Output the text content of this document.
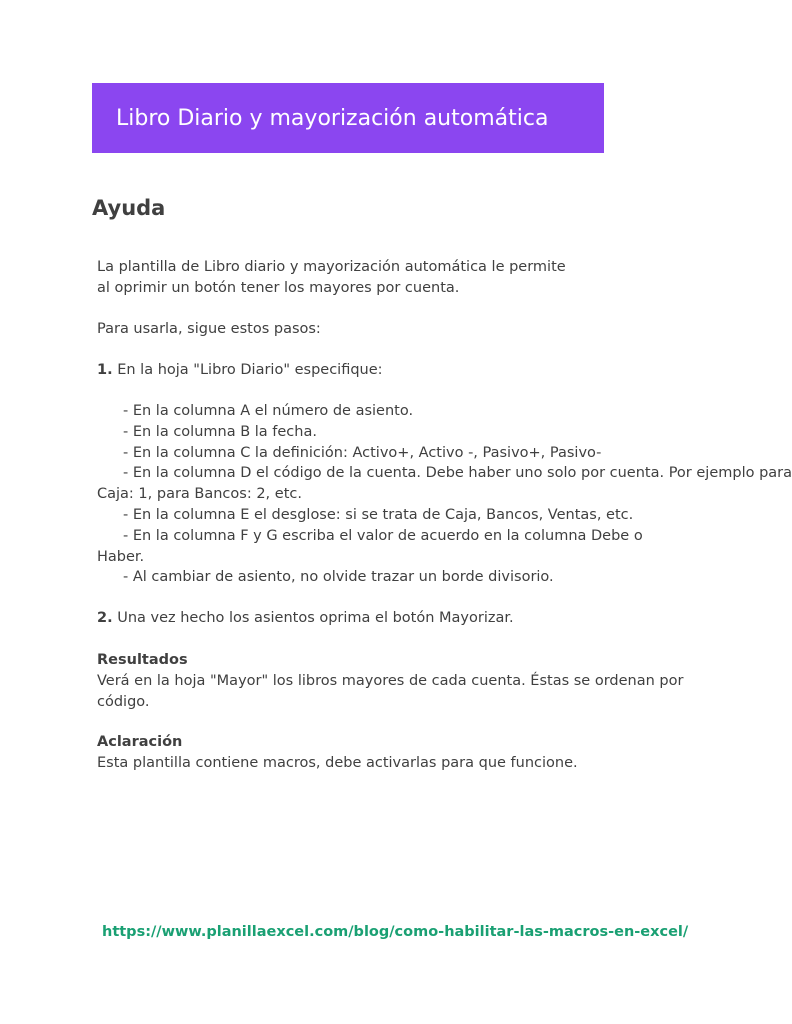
Libro Diario y mayorización automática
Ayuda
La plantilla de Libro diario y mayorización automática le permite
al oprimir un botón tener los mayores por cuenta.
Para usarla, sigue estos pasos:
1. En la hoja "Libro Diario" especifique:
- En la columna A el número de asiento.
- En la columna B la fecha.
- En la columna C la definición: Activo+, Activo -, Pasivo+, Pasivo-
- En la columna D el código de la cuenta. Debe haber uno solo por cuenta. Por ejemplo para
Caja: 1, para Bancos: 2, etc.
- En la columna E el desglose: si se trata de Caja, Bancos, Ventas, etc.
- En la columna F y G escriba el valor de acuerdo en la columna Debe o
Haber.
- Al cambiar de asiento, no olvide trazar un borde divisorio.
2. Una vez hecho los asientos oprima el botón Mayorizar.
Resultados
Verá en la hoja "Mayor" los libros mayores de cada cuenta. Éstas se ordenan por
código.
Aclaración
Esta plantilla contiene macros, debe activarlas para que funcione.
https://www.planillaexcel.com/blog/como-habilitar-las-macros-en-excel/
